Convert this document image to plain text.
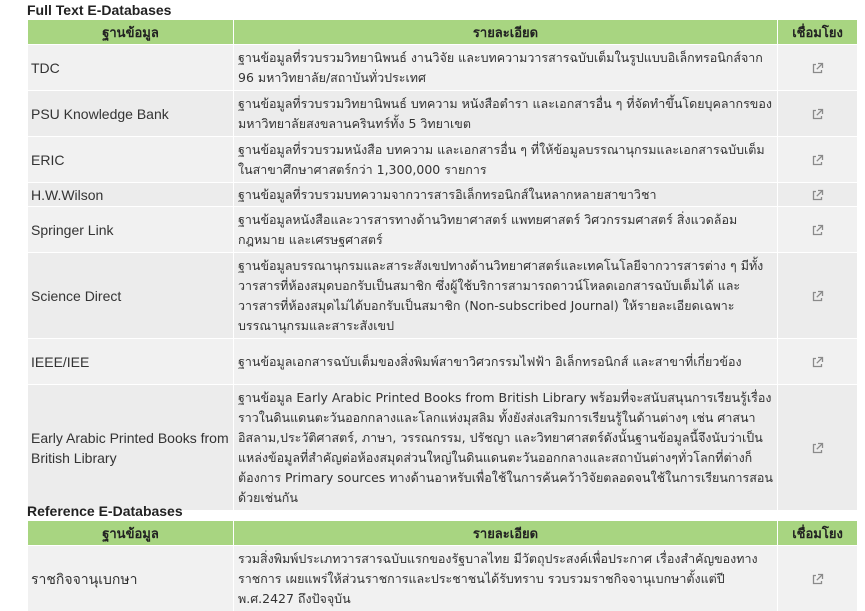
Full Text E-Databases
ฐานข้อมูล	รายละเอียด	เชื่อมโยง
TDC	ฐานข้อมูลที่รวบรวมวิทยานิพนธ์ งานวิจัย และบทความวารสารฉบับเต็มในรูปแบบอิเล็กทรอนิกส์จาก 96 มหาวิทยาลัย/สถาบันทั่วประเทศ	

PSU Knowledge Bank	ฐานข้อมูลที่รวบรวมวิทยานิพนธ์ บทความ หนังสือตำรา และเอกสารอื่น ๆ ที่จัดทำขึ้นโดยบุคลากรของมหาวิทยาลัยสงขลานครินทร์ทั้ง 5 วิทยาเขต	

ERIC	ฐานข้อมูลที่รวบรวมหนังสือ บทความ และเอกสารอื่น ๆ ที่ให้ข้อมูลบรรณานุกรมและเอกสารฉบับเต็มในสาขาศึกษาศาสตร์กว่า 1,300,000 รายการ	

H.W.Wilson	ฐานข้อมูลที่รวบรวมบทความจากวารสารอิเล็กทรอนิกส์ในหลากหลายสาขาวิชา	

Springer Link	ฐานข้อมูลหนังสือและวารสารทางด้านวิทยาศาสตร์ แพทยศาสตร์ วิศวกรรมศาสตร์ สิ่งแวดล้อม กฎหมาย และเศรษฐศาสตร์	

Science Direct	ฐานข้อมูลบรรณานุกรมและสาระสังเขปทางด้านวิทยาศาสตร์และเทคโนโลยีจากวารสารต่าง ๆ มีทั้งวารสารที่ห้องสมุดบอกรับเป็นสมาชิก ซึ่งผู้ใช้บริการสามารถดาวน์โหลดเอกสารฉบับเต็มได้ และวารสารที่ห้องสมุดไม่ได้บอกรับเป็นสมาชิก (Non-subscribed Journal) ให้รายละเอียดเฉพาะบรรณานุกรมและสาระสังเขป	

IEEE/IEE	ฐานข้อมูลเอกสารฉบับเต็มของสิ่งพิมพ์สาขาวิศวกรรมไฟฟ้า อิเล็กทรอนิกส์ และสาขาที่เกี่ยวข้อง	

Early Arabic Printed Books from British Library	ฐานข้อมูล Early Arabic Printed Books from British Library พร้อมที่จะสนับสนุนการเรียนรู้เรื่องราวในดินแดนตะวันออกกลางและโลกแห่งมุสลิม ทั้งยังส่งเสริมการเรียนรู้ในด้านต่างๆ เช่น ศาสนาอิสลาม,ประวัติศาสตร์, ภาษา, วรรณกรรม, ปรัชญา และวิทยาศาสตร์ดังนั้นฐานข้อมูลนี้จึงนับว่าเป็นแหล่งข้อมูลที่สำคัญต่อห้องสมุดส่วนใหญ่ในดินแดนตะวันออกกลางและสถาบันต่างๆทั่วโลกที่ต่างก็ต้องการ Primary sources ทางด้านอาหรับเพื่อใช้ในการค้นคว้าวิจัยตลอดจนใช้ในการเรียนการสอนด้วยเช่นกัน	
Reference E-Databases
ฐานข้อมูล	รายละเอียด	เชื่อมโยง
ราชกิจจานุเบกษา	รวมสิ่งพิมพ์ประเภทวารสารฉบับแรกของรัฐบาลไทย มีวัตถุประสงค์เพื่อประกาศ เรื่องสำคัญของทางราชการ เผยแพร่ให้ส่วนราชการและประชาชนได้รับทราบ รวบรวมราชกิจจานุเบกษาตั้งแต่ปี พ.ศ.2427 ถึงปัจจุบัน	
